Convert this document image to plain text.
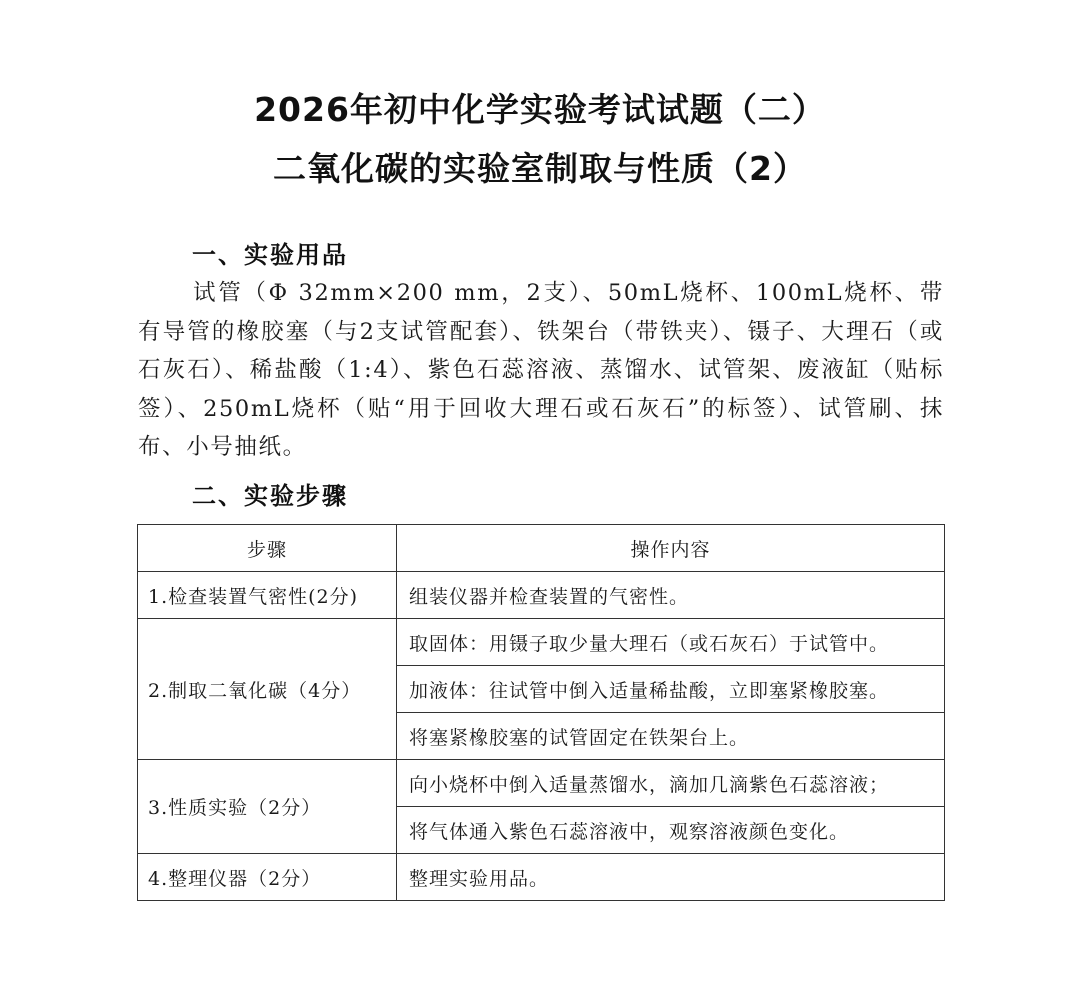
2026年初中化学实验考试试题（二）
二氧化碳的实验室制取与性质（2）
一、实验用品
试管（Φ 32mm×200 mm，2支）、50mL烧杯、100mL烧杯、带有导管的橡胶塞（与2支试管配套）、铁架台（带铁夹）、镊子、大理石（或石灰石）、稀盐酸（1:4）、紫色石蕊溶液、蒸馏水、试管架、废液缸（贴标签）、250mL烧杯（贴“用于回收大理石或石灰石”的标签）、试管刷、抹布、小号抽纸。
二、实验步骤
步骤	操作内容
1.检查装置气密性(2分)	组装仪器并检查装置的气密性。
2.制取二氧化碳（4分）	取固体：用镊子取少量大理石（或石灰石）于试管中。
	加液体：往试管中倒入适量稀盐酸，立即塞紧橡胶塞。
	将塞紧橡胶塞的试管固定在铁架台上。
3.性质实验（2分）	向小烧杯中倒入适量蒸馏水，滴加几滴紫色石蕊溶液；
	将气体通入紫色石蕊溶液中，观察溶液颜色变化。
4.整理仪器（2分）	整理实验用品。
